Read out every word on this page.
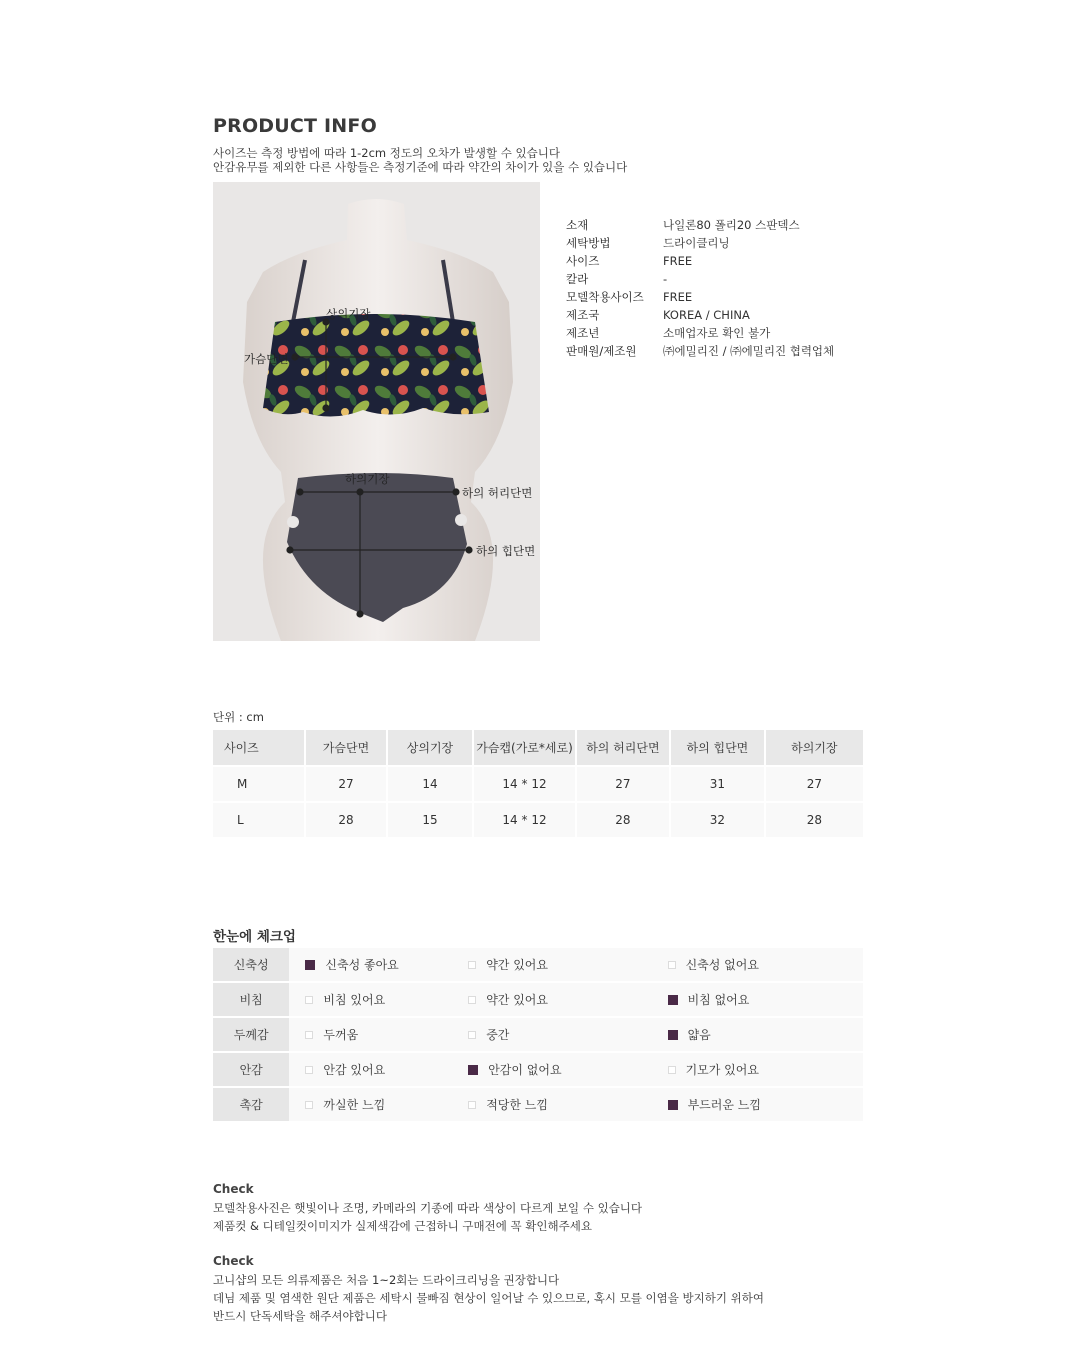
PRODUCT INFO
사이즈는 측정 방법에 따라 1-2cm 정도의 오차가 발생할 수 있습니다
안감유무를 제외한 다른 사항들은 측정기준에 따라 약간의 차이가 있을 수 있습니다
상의기장
가슴단면
하의기장
하의 허리단면
하의 힙단면
소재	나일론80 폴리20 스판덱스
세탁방법	드라이클리닝
사이즈	FREE
칼라	-
모델착용사이즈	FREE
제조국	KOREA / CHINA
제조년	소매업자로 확인 불가
판매원/제조원	㈜에밀리진 / ㈜에밀리진 협력업체
단위 : cm
사이즈	가슴단면	상의기장	가슴캡(가로*세로)	하의 허리단면	하의 힙단면	하의기장
M	27	14	14 * 12	27	31	27
L	28	15	14 * 12	28	32	28
한눈에 체크업
신축성	신축성 좋아요	약간 있어요	신축성 없어요

비침	비침 있어요	약간 있어요	비침 없어요

두께감	두꺼움	중간	얇음

안감	안감 있어요	안감이 없어요	기모가 있어요

촉감	까실한 느낌	적당한 느낌	부드러운 느낌
Check
모델착용사진은 햇빛이나 조명, 카메라의 기종에 따라 색상이 다르게 보일 수 있습니다
제품컷 & 디테일컷이미지가 실제색감에 근접하니 구매전에 꼭 확인해주세요
Check
고니샵의 모든 의류제품은 처음 1~2회는 드라이크리닝을 권장합니다
데님 제품 및 염색한 원단 제품은 세탁시 물빠짐 현상이 일어날 수 있으므로, 혹시 모를 이염을 방지하기 위하여
반드시 단독세탁을 해주셔야합니다
